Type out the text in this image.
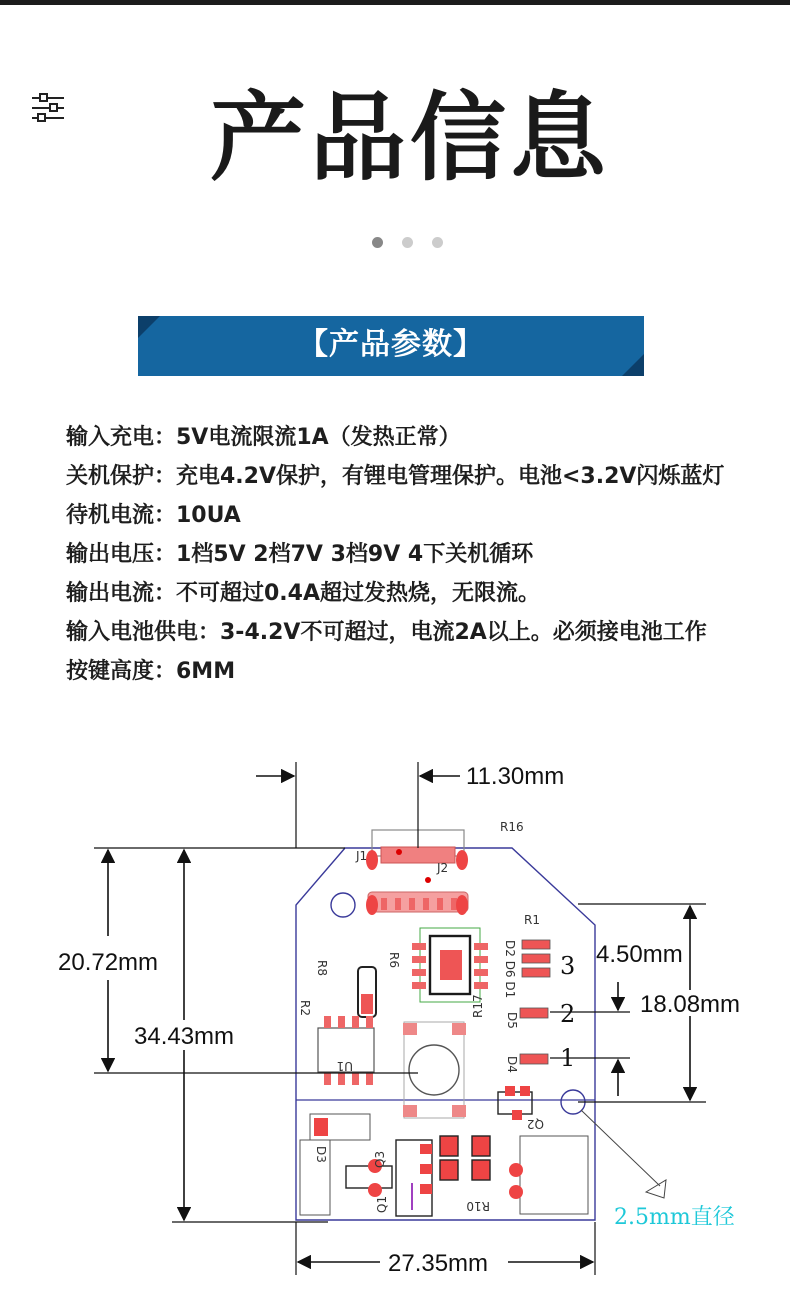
产品信息
【产品参数】
输入充电：5V电流限流1A（发热正常）
关机保护：充电4.2V保护，有锂电管理保护。电池<3.2V闪烁蓝灯
待机电流：10UA
输出电压：1档5V 2档7V 3档9V 4下关机循环
输出电流：不可超过0.4A超过发热烧，无限流。
输入电池供电：3-4.2V不可超过，电流2A以上。必须接电池工作
按键高度：6MM
R16
J1
J2
R1
R6
R8
R2	R17
U1
D3	Q3
Q1
Q2
R10
D5
D4
D2 D6 D1 3
2
1
11.30mm
20.72mm
34.43mm
4.50mm
18.08mm
27.35mm
2.5mm直径
